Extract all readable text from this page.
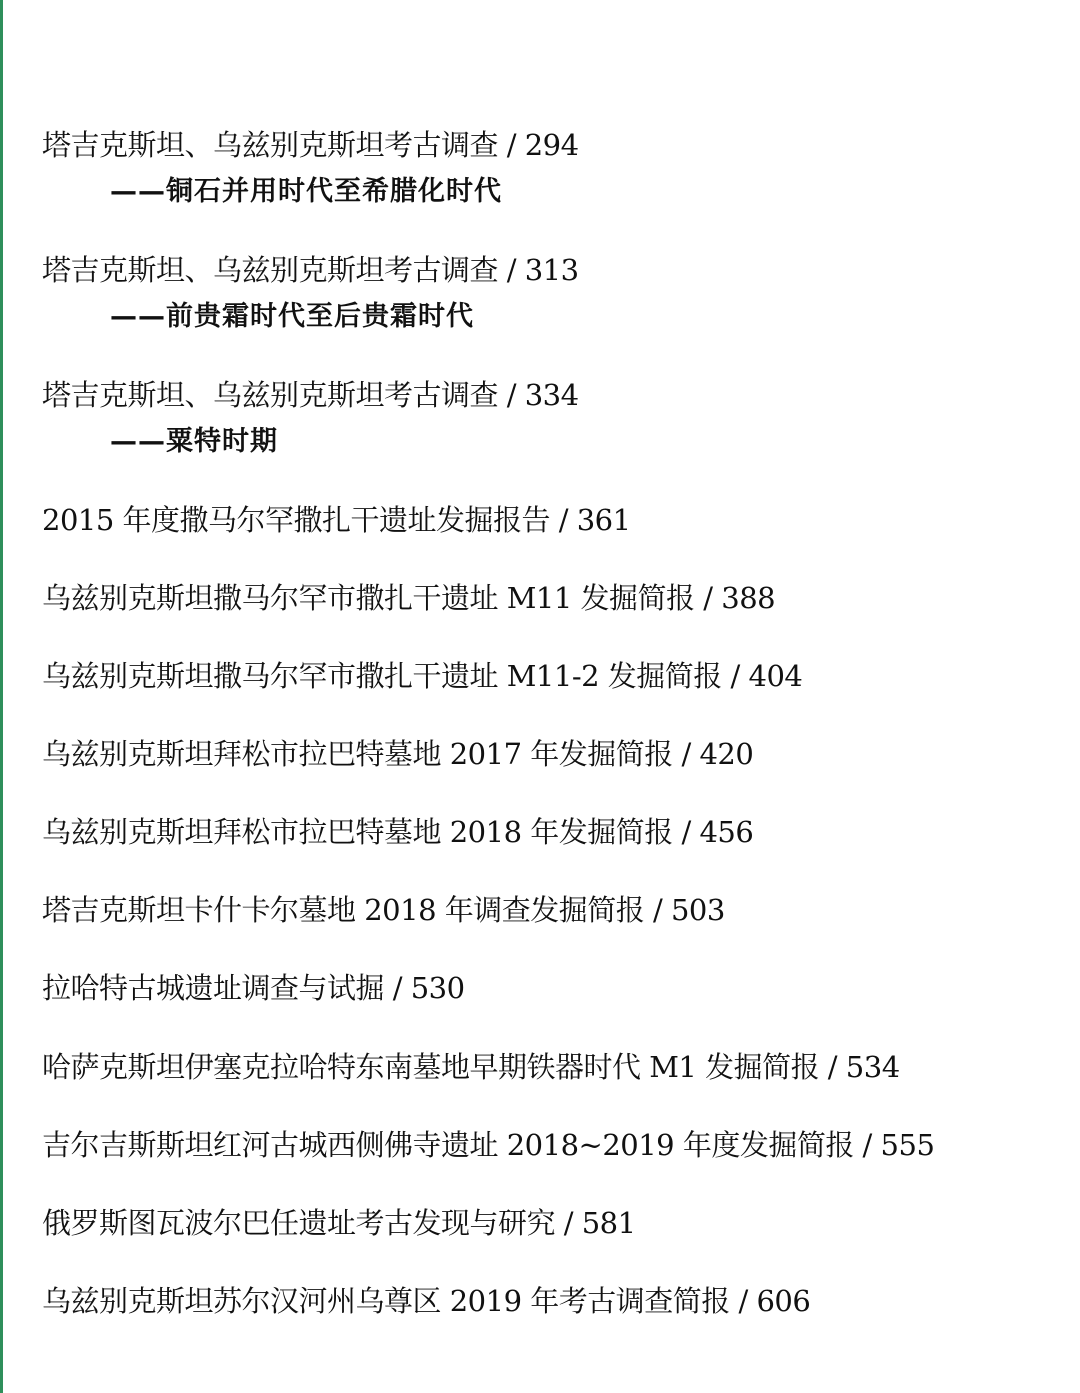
塔吉克斯坦、乌兹别克斯坦考古调查 / 294
——铜石并用时代至希腊化时代
塔吉克斯坦、乌兹别克斯坦考古调查 / 313
——前贵霜时代至后贵霜时代
塔吉克斯坦、乌兹别克斯坦考古调查 / 334
——粟特时期
2015 年度撒马尔罕撒扎干遗址发掘报告 / 361
乌兹别克斯坦撒马尔罕市撒扎干遗址 M11 发掘简报 / 388
乌兹别克斯坦撒马尔罕市撒扎干遗址 M11-2 发掘简报 / 404
乌兹别克斯坦拜松市拉巴特墓地 2017 年发掘简报 / 420
乌兹别克斯坦拜松市拉巴特墓地 2018 年发掘简报 / 456
塔吉克斯坦卡什卡尔墓地 2018 年调查发掘简报 / 503
拉哈特古城遗址调查与试掘 / 530
哈萨克斯坦伊塞克拉哈特东南墓地早期铁器时代 M1 发掘简报 / 534
吉尔吉斯斯坦红河古城西侧佛寺遗址 2018~2019 年度发掘简报 / 555
俄罗斯图瓦波尔巴任遗址考古发现与研究 / 581
乌兹别克斯坦苏尔汉河州乌尊区 2019 年考古调查简报 / 606
